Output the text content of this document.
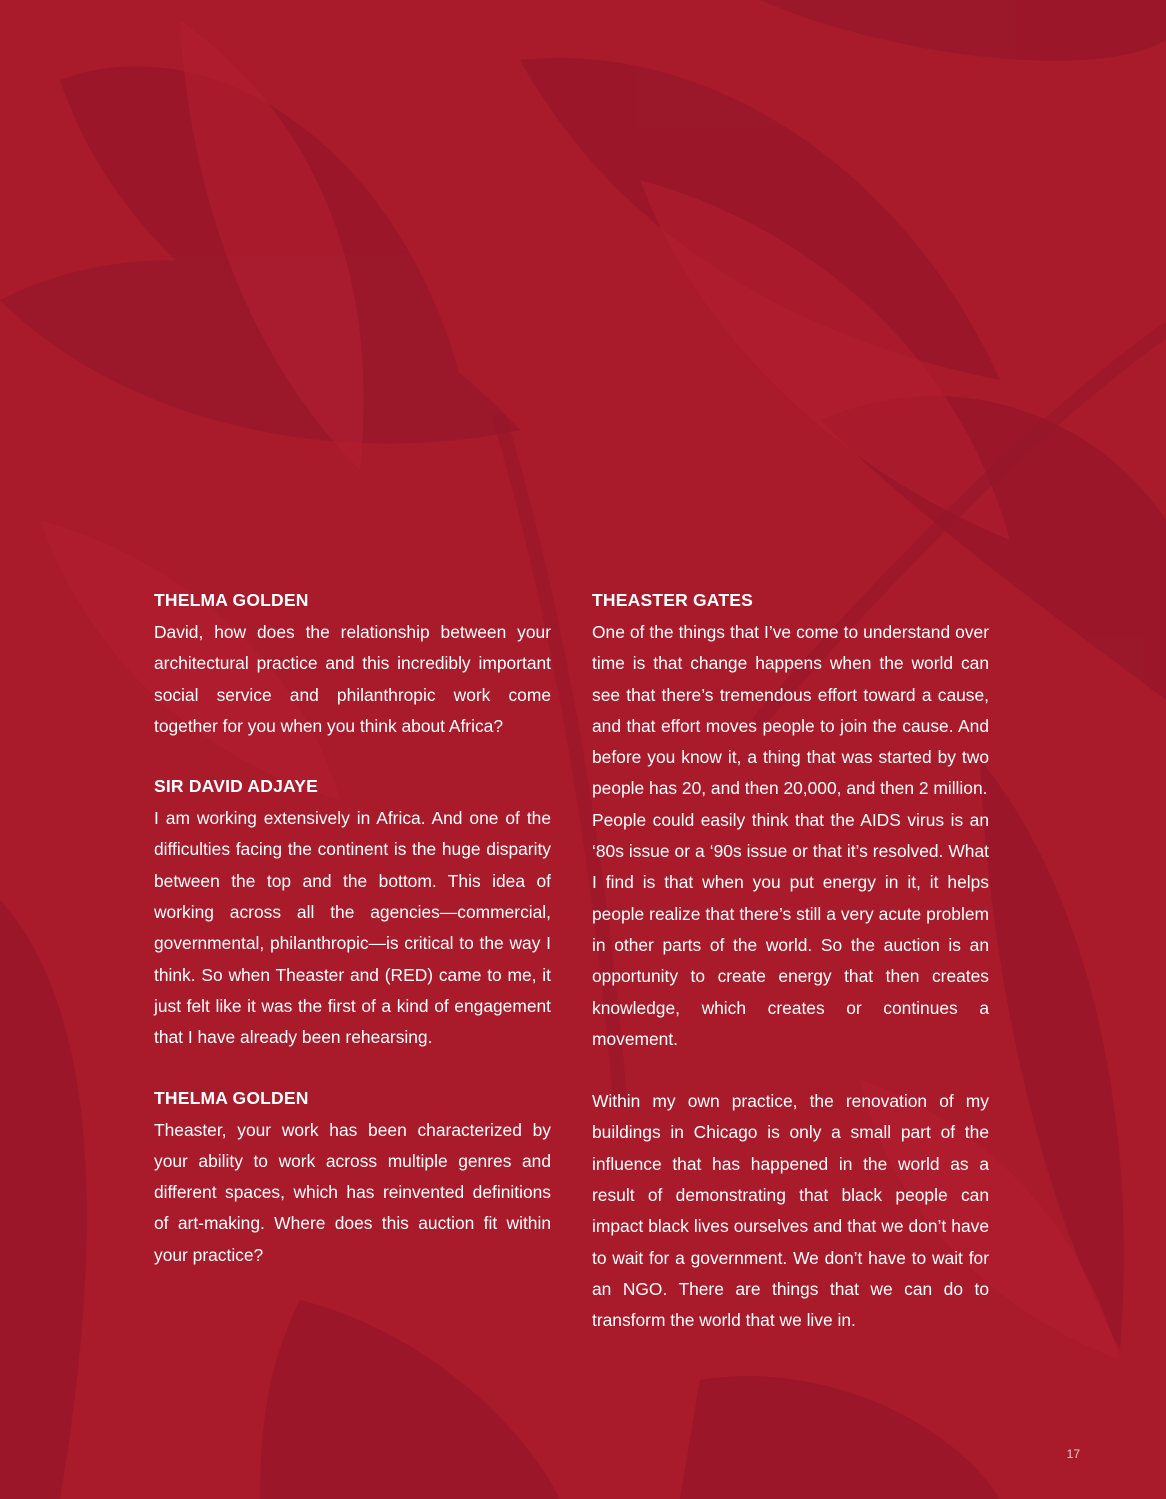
THELMA GOLDEN

David, how does the relationship between your architectural practice and this incredibly important social service and philanthropic work come together for you when you think about Africa?

SIR DAVID ADJAYE

I am working extensively in Africa. And one of the difficulties facing the continent is the huge disparity between the top and the bottom. This idea of working across all the agencies—commercial, governmental, philanthropic—is critical to the way I think. So when Theaster and (RED) came to me, it just felt like it was the first of a kind of engagement that I have already been rehearsing.

THELMA GOLDEN

Theaster, your work has been characterized by your ability to work across multiple genres and different spaces, which has reinvented definitions of art-making. Where does this auction fit within your practice?

THEASTER GATES

One of the things that I’ve come to understand over time is that change happens when the world can see that there’s tremendous effort toward a cause, and that effort moves people to join the cause. And before you know it, a thing that was started by two people has 20, and then 20,000, and then 2 million.

People could easily think that the AIDS virus is an ‘80s issue or a ‘90s issue or that it’s resolved. What I find is that when you put energy in it, it helps people realize that there’s still a very acute problem in other parts of the world. So the auction is an opportunity to create energy that then creates knowledge, which creates or continues a movement.

Within my own practice, the renovation of my buildings in Chicago is only a small part of the influence that has happened in the world as a result of demonstrating that black people can impact black lives ourselves and that we don’t have to wait for a government. We don’t have to wait for an NGO. There are things that we can do to transform the world that we live in.

17
